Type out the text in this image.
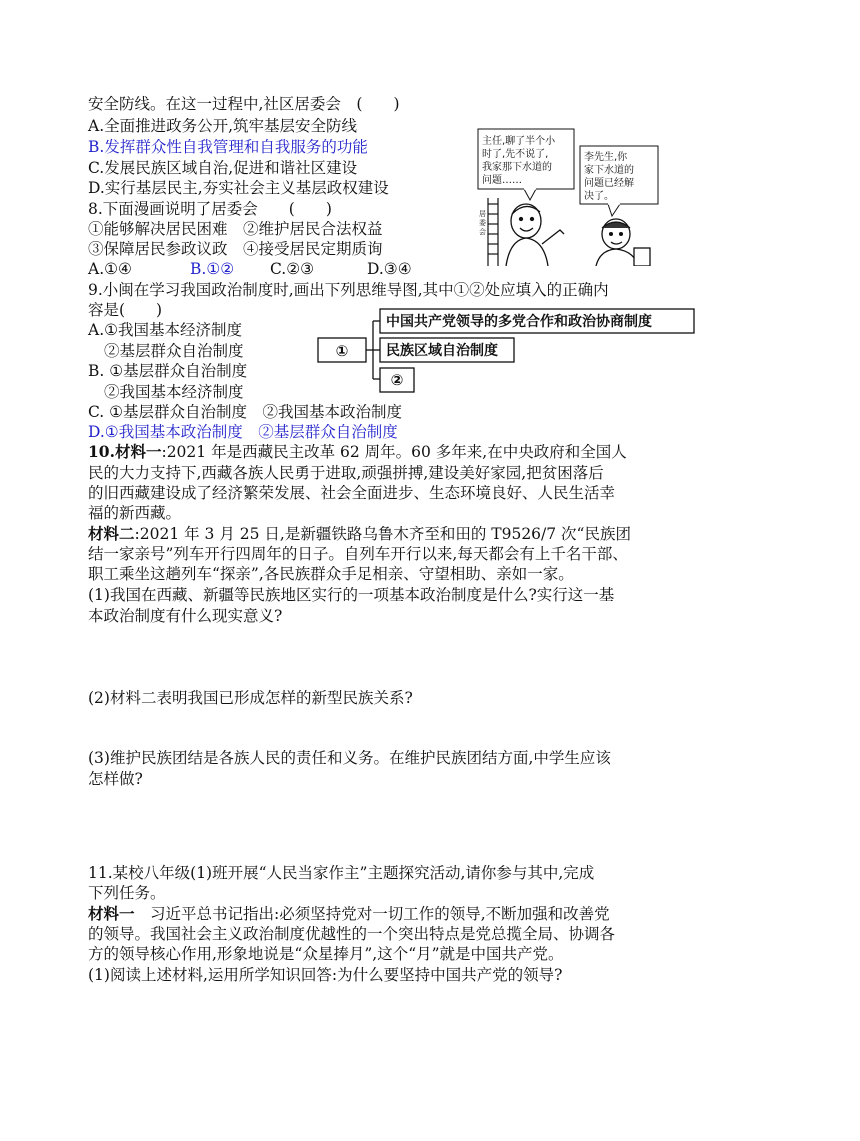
安全防线。在这一过程中,社区居委会　(　　)
A.全面推进政务公开,筑牢基层安全防线
B.发挥群众性自我管理和自我服务的功能
C.发展民族区域自治,促进和谐社区建设
D.实行基层民主,夯实社会主义基层政权建设
8.下面漫画说明了居委会　　(　　)
①能够解决居民困难　②维护居民合法权益
③保障居民参政议政　④接受居民定期质询
A.①④	B.①② C.②③	D.③④
主任,聊了半个小
时了,先不说了,
我家那下水道的
问题……
李先生,你
家下水道的
问题已经解
决了。
居
委
会
9.小闽在学习我国政治制度时,画出下列思维导图,其中①②处应填入的正确内
容是(　　)
A.①我国基本经济制度
②基层群众自治制度
B. ①基层群众自治制度
②我国基本经济制度
C. ①基层群众自治制度　②我国基本政治制度
D.①我国基本政治制度　②基层群众自治制度
①
中国共产党领导的多党合作和政治协商制度
民族区域自治制度
②
10.材料一:2021 年是西藏民主改革 62 周年。60 多年来,在中央政府和全国人
民的大力支持下,西藏各族人民勇于进取,顽强拼搏,建设美好家园,把贫困落后
的旧西藏建设成了经济繁荣发展、社会全面进步、生态环境良好、人民生活幸
福的新西藏。
材料二:2021 年 3 月 25 日,是新疆铁路乌鲁木齐至和田的 T9526/7 次“民族团
结一家亲号”列车开行四周年的日子。自列车开行以来,每天都会有上千名干部、
职工乘坐这趟列车“探亲”,各民族群众手足相亲、守望相助、亲如一家。
(1)我国在西藏、新疆等民族地区实行的一项基本政治制度是什么?实行这一基
本政治制度有什么现实意义?
(2)材料二表明我国已形成怎样的新型民族关系?
(3)维护民族团结是各族人民的责任和义务。在维护民族团结方面,中学生应该
怎样做?
11.某校八年级(1)班开展“人民当家作主”主题探究活动,请你参与其中,完成
下列任务。
材料一　习近平总书记指出:必须坚持党对一切工作的领导,不断加强和改善党
的领导。我国社会主义政治制度优越性的一个突出特点是党总揽全局、协调各
方的领导核心作用,形象地说是“众星捧月”,这个“月”就是中国共产党。
(1)阅读上述材料,运用所学知识回答:为什么要坚持中国共产党的领导?
